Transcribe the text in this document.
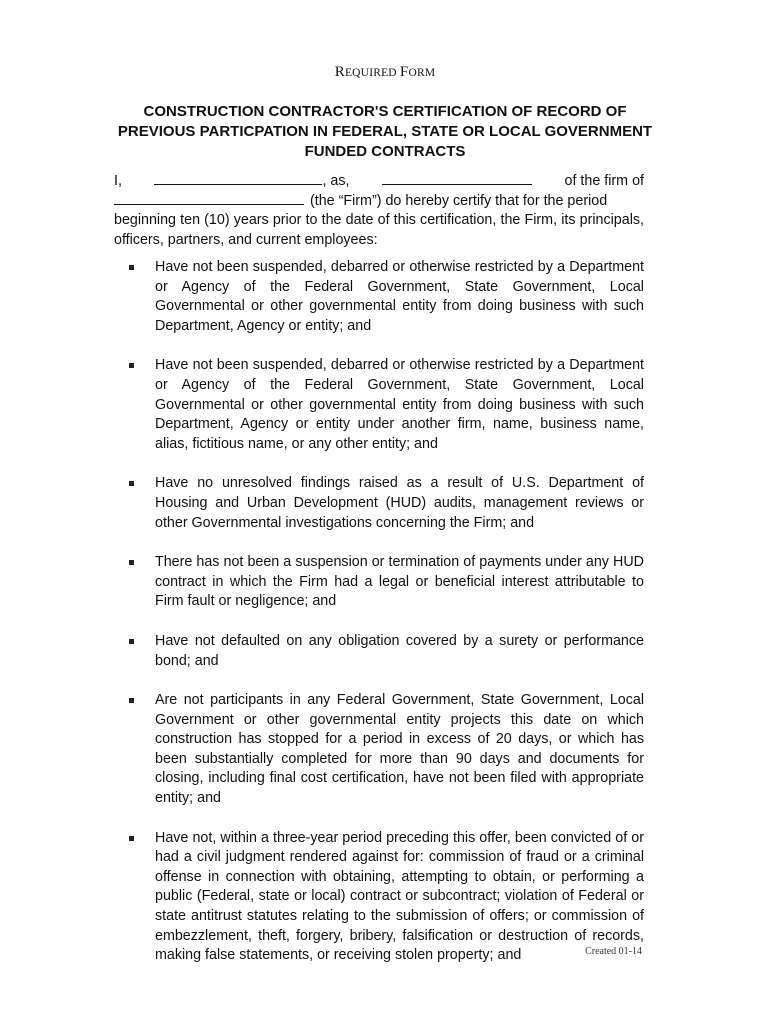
REQUIRED FORM
CONSTRUCTION CONTRACTOR'S CERTIFICATION OF RECORD OF
PREVIOUS PARTICPATION IN FEDERAL, STATE OR LOCAL GOVERNMENT
FUNDED CONTRACTS
I,	, as,	of the firm of
(the “Firm”) do hereby certify that for the period
beginning ten (10) years prior to the date of this certification, the Firm, its principals, officers, partners, and current employees:
Have not been suspended, debarred or otherwise restricted by a Department or Agency of the Federal Government, State Government, Local Governmental or other governmental entity from doing business with such Department, Agency or entity; and
Have not been suspended, debarred or otherwise restricted by a Department or Agency of the Federal Government, State Government, Local Governmental or other governmental entity from doing business with such Department, Agency or entity under another firm, name, business name, alias, fictitious name, or any other entity; and
Have no unresolved findings raised as a result of U.S. Department of Housing and Urban Development (HUD) audits, management reviews or other Governmental investigations concerning the Firm; and
There has not been a suspension or termination of payments under any HUD contract in which the Firm had a legal or beneficial interest attributable to Firm fault or negligence; and
Have not defaulted on any obligation covered by a surety or performance bond; and
Are not participants in any Federal Government, State Government, Local Government or other governmental entity projects this date on which construction has stopped for a period in excess of 20 days, or which has been substantially completed for more than 90 days and documents for closing, including final cost certification, have not been filed with appropriate entity; and
Have not, within a three-year period preceding this offer, been convicted of or had a civil judgment rendered against for: commission of fraud or a criminal offense in connection with obtaining, attempting to obtain, or performing a public (Federal, state or local) contract or subcontract; violation of Federal or state antitrust statutes relating to the submission of offers; or commission of embezzlement, theft, forgery, bribery, falsification or destruction of records, making false statements, or receiving stolen property; and	Created 01-14
